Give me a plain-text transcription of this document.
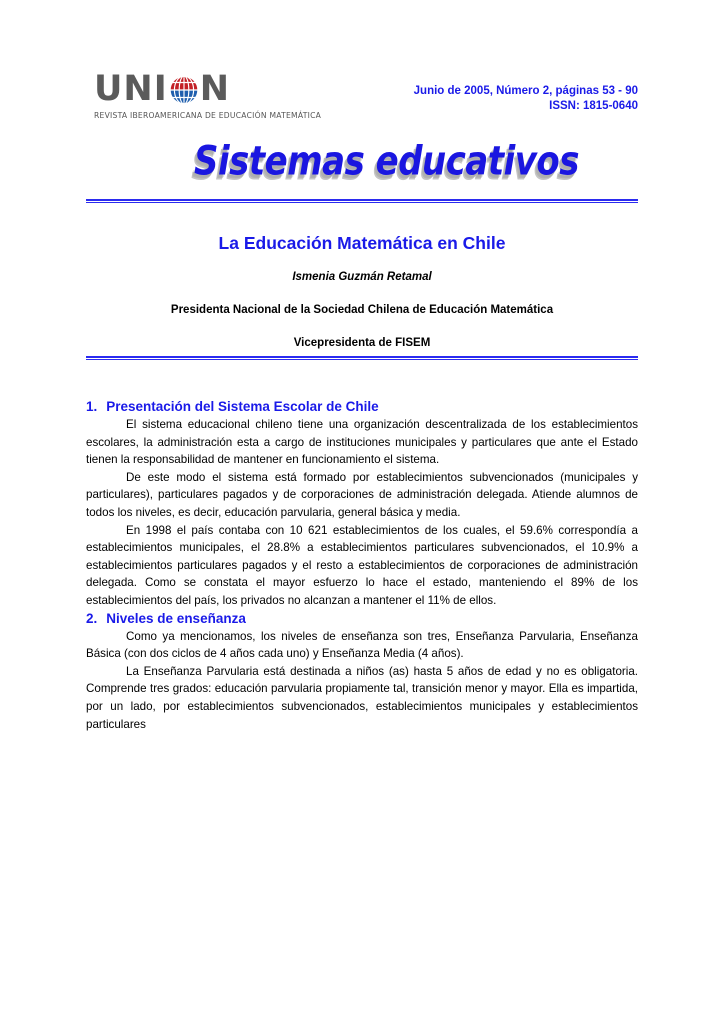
UNI N
REVISTA IBEROAMERICANA DE EDUCACIÓN MATEMÁTICA
Junio de 2005, Número 2, páginas 53 - 90
ISSN: 1815-0640
Sistemas educativos
La Educación Matemática en Chile
Ismenia Guzmán Retamal
Presidenta Nacional de la Sociedad Chilena de Educación Matemática
Vicepresidenta de FISEM
1. Presentación del Sistema Escolar de Chile

El sistema educacional chileno tiene una organización descentralizada de los establecimientos escolares, la administración esta a cargo de instituciones municipales y particulares que ante el Estado tienen la responsabilidad de mantener en funcionamiento el sistema.

De este modo el sistema está formado por establecimientos subvencionados (municipales y particulares), particulares pagados y de corporaciones de administración delegada. Atiende alumnos de todos los niveles, es decir, educación parvularia, general básica y media.

En 1998 el país contaba con 10 621 establecimientos de los cuales, el 59.6% correspondía a establecimientos municipales, el 28.8% a establecimientos particulares subvencionados, el 10.9% a establecimientos particulares pagados y el resto a establecimientos de corporaciones de administración delegada. Como se constata el mayor esfuerzo lo hace el estado, manteniendo el 89% de los establecimientos del país, los privados no alcanzan a mantener el 11% de ellos.

2. Niveles de enseñanza

Como ya mencionamos, los niveles de enseñanza son tres, Enseñanza Parvularia, Enseñanza Básica (con dos ciclos de 4 años cada uno) y Enseñanza Media (4 años).

La Enseñanza Parvularia está destinada a niños (as) hasta 5 años de edad y no es obligatoria. Comprende tres grados: educación parvularia propiamente tal, transición menor y mayor. Ella es impartida, por un lado, por establecimientos subvencionados, establecimientos municipales y establecimientos particulares
